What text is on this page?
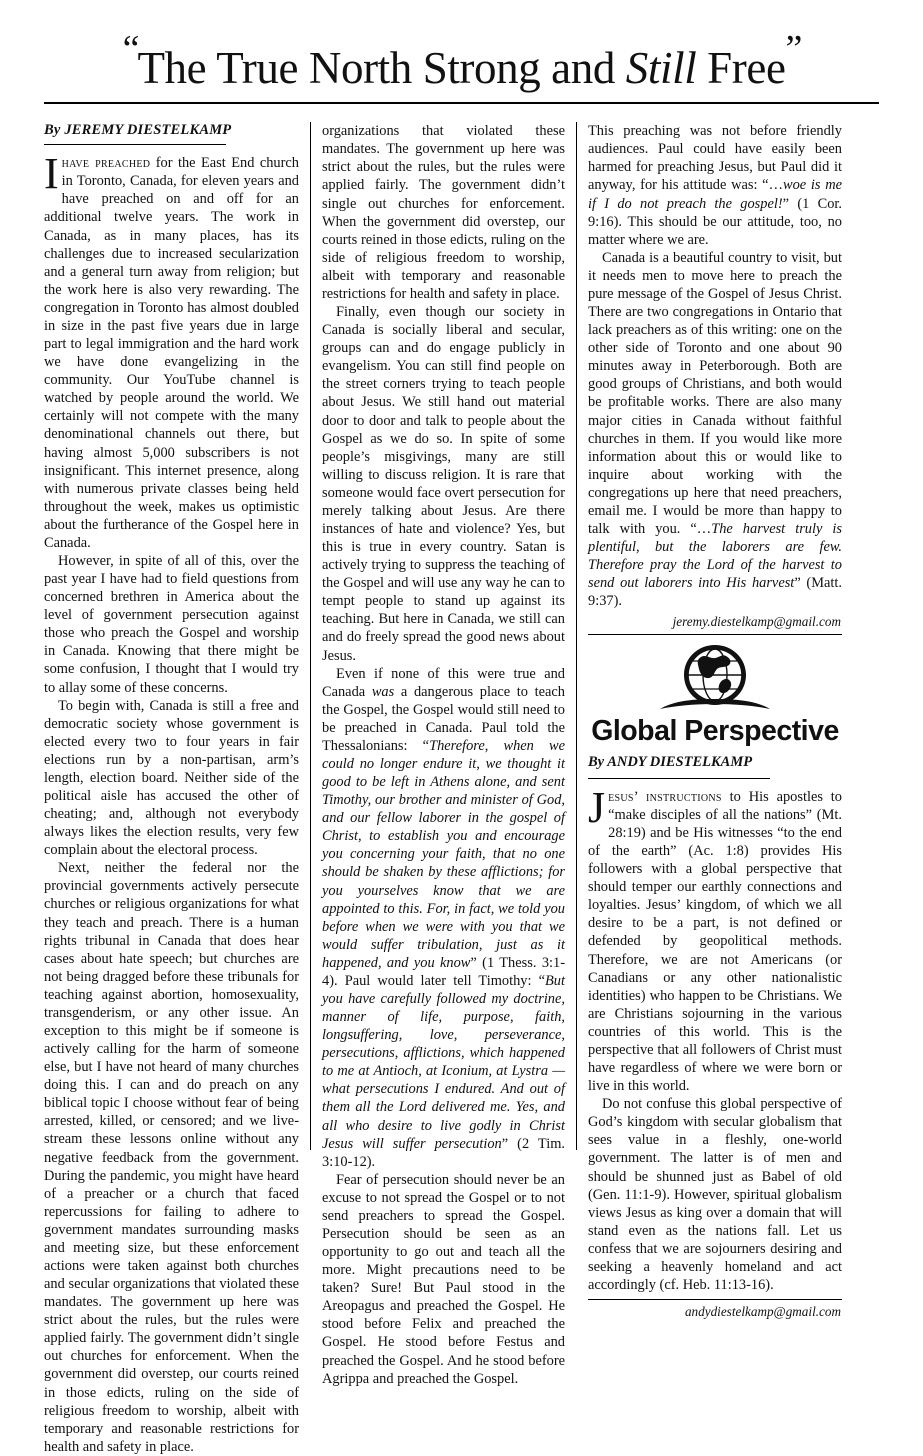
“The True North Strong and Still Free”
By JEREMY DIESTELKAMP

Ihave preached for the East End church in Toronto, Canada, for eleven years and have preached on and off for an additional twelve years. The work in Canada, as in many places, has its challenges due to increased secularization and a general turn away from religion; but the work here is also very rewarding. The congregation in Toronto has almost doubled in size in the past five years due in large part to legal immigration and the hard work we have done evangelizing in the community. Our YouTube channel is watched by people around the world. We certainly will not compete with the many denominational channels out there, but having almost 5,000 subscribers is not insignificant. This internet presence, along with numerous private classes being held throughout the week, makes us optimistic about the furtherance of the Gospel here in Canada.

However, in spite of all of this, over the past year I have had to field questions from concerned brethren in America about the level of government persecution against those who preach the Gospel and worship in Canada. Knowing that there might be some confusion, I thought that I would try to allay some of these concerns.

To begin with, Canada is still a free and democratic society whose government is elected every two to four years in fair elections run by a non-partisan, arm’s length, election board. Neither side of the political aisle has accused the other of cheating; and, although not everybody always likes the election results, very few complain about the electoral process.

Next, neither the federal nor the provincial governments actively persecute churches or religious organizations for what they teach and preach. There is a human rights tribunal in Canada that does hear cases about hate speech; but churches are not being dragged before these tribunals for teaching against abortion, homosexuality, transgenderism, or any other issue. An exception to this might be if someone is actively calling for the harm of someone else, but I have not heard of many churches doing this. I can and do preach on any biblical topic I choose without fear of being arrested, killed, or censored; and we live-stream these lessons online without any negative feedback from the government. During the pandemic, you might have heard of a preacher or a church that faced repercussions for failing to adhere to government mandates surrounding masks and meeting size, but these enforcement actions were taken against both churches and secular organizations that violated these mandates. The government up here was strict about the rules, but the rules were applied fairly. The government didn’t single out churches for enforcement. When the government did overstep, our courts reined in those edicts, ruling on the side of religious freedom to worship, albeit with temporary and reasonable restrictions for health and safety in place.

organizations that violated these mandates. The government up here was strict about the rules, but the rules were applied fairly. The government didn’t single out churches for enforcement. When the government did overstep, our courts reined in those edicts, ruling on the side of religious freedom to worship, albeit with temporary and reasonable restrictions for health and safety in place.

Finally, even though our society in Canada is socially liberal and secular, groups can and do engage publicly in evangelism. You can still find people on the street corners trying to teach people about Jesus. We still hand out material door to door and talk to people about the Gospel as we do so. In spite of some people’s misgivings, many are still willing to discuss religion. It is rare that someone would face overt persecution for merely talking about Jesus. Are there instances of hate and violence? Yes, but this is true in every country. Satan is actively trying to suppress the teaching of the Gospel and will use any way he can to tempt people to stand up against its teaching. But here in Canada, we still can and do freely spread the good news about Jesus.

Even if none of this were true and Canada was a dangerous place to teach the Gospel, the Gospel would still need to be preached in Canada. Paul told the Thessalonians: “Therefore, when we could no longer endure it, we thought it good to be left in Athens alone, and sent Timothy, our brother and minister of God, and our fellow laborer in the gospel of Christ, to establish you and encourage you concerning your faith, that no one should be shaken by these afflictions; for you yourselves know that we are appointed to this. For, in fact, we told you before when we were with you that we would suffer tribulation, just as it happened, and you know” (1 Thess. 3:1-4). Paul would later tell Timothy: “But you have carefully followed my doctrine, manner of life, purpose, faith, longsuffering, love, perseverance, persecutions, afflictions, which happened to me at Antioch, at Iconium, at Lystra — what persecutions I endured. And out of them all the Lord delivered me. Yes, and all who desire to live godly in Christ Jesus will suffer persecution” (2 Tim. 3:10-12).

Fear of persecution should never be an excuse to not spread the Gospel or to not send preachers to spread the Gospel. Persecution should be seen as an opportunity to go out and teach all the more. Might precautions need to be taken? Sure! But Paul stood in the Areopagus and preached the Gospel. He stood before Felix and preached the Gospel. He stood before Festus and preached the Gospel. And he stood before Agrippa and preached the Gospel.

This preaching was not before friendly audiences. Paul could have easily been harmed for preaching Jesus, but Paul did it anyway, for his attitude was: “…woe is me if I do not preach the gospel!” (1 Cor. 9:16). This should be our attitude, too, no matter where we are.

Canada is a beautiful country to visit, but it needs men to move here to preach the pure message of the Gospel of Jesus Christ. There are two congregations in Ontario that lack preachers as of this writing: one on the other side of Toronto and one about 90 minutes away in Peterborough. Both are good groups of Christians, and both would be profitable works. There are also many major cities in Canada without faithful churches in them. If you would like more information about this or would like to inquire about working with the congregations up here that need preachers, email me. I would be more than happy to talk with you. “…The harvest truly is plentiful, but the laborers are few. Therefore pray the Lord of the harvest to send out laborers into His harvest” (Matt. 9:37).

jeremy.diestelkamp@gmail.com
Global Perspective
By ANDY DIESTELKAMP

Jesus’ instructions to His apostles to “make disciples of all the nations” (Mt. 28:19) and be His witnesses “to the end of the earth” (Ac. 1:8) provides His followers with a global perspective that should temper our earthly connections and loyalties. Jesus’ kingdom, of which we all desire to be a part, is not defined or defended by geopolitical methods. Therefore, we are not Americans (or Canadians or any other nationalistic identities) who happen to be Christians. We are Christians sojourning in the various countries of this world. This is the perspective that all followers of Christ must have regardless of where we were born or live in this world.

Do not confuse this global perspective of God’s kingdom with secular globalism that sees value in a fleshly, one-world government. The latter is of men and should be shunned just as Babel of old (Gen. 11:1-9). However, spiritual globalism views Jesus as king over a domain that will stand even as the nations fall. Let us confess that we are sojourners desiring and seeking a heavenly homeland and act accordingly (cf. Heb. 11:13-16).

andydiestelkamp@gmail.com
